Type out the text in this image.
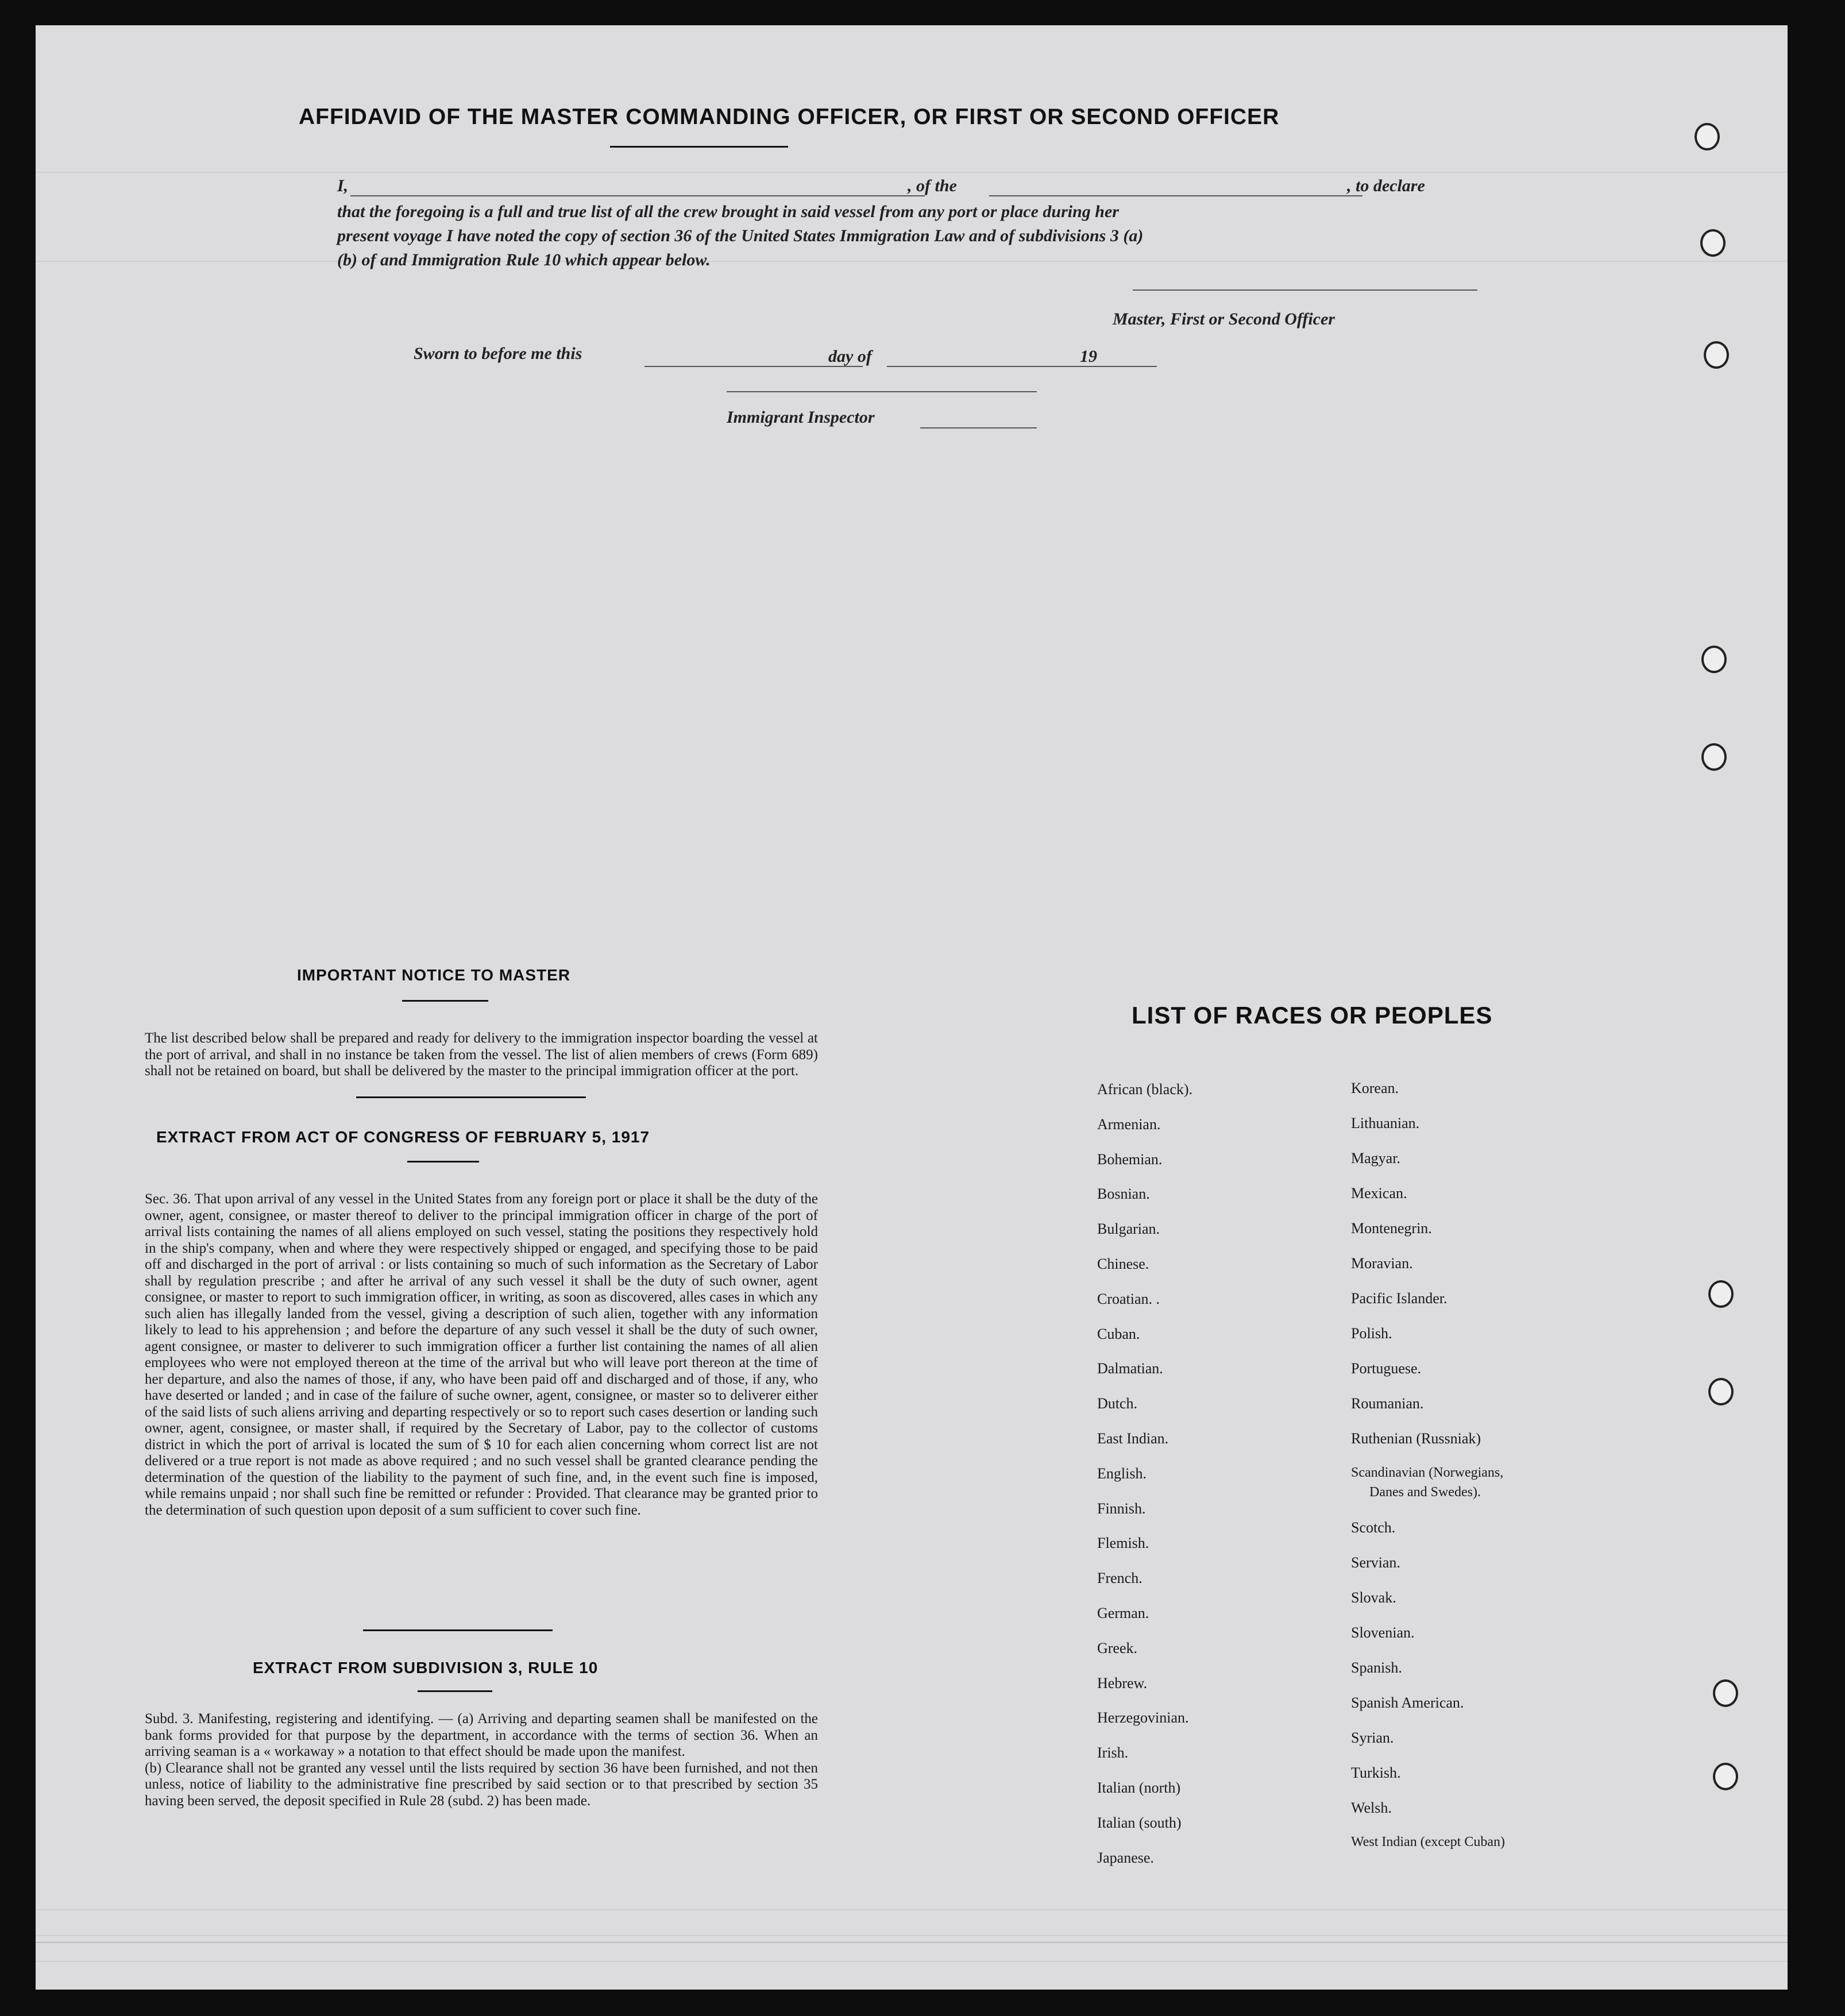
AFFIDAVID OF THE MASTER COMMANDING OFFICER, OR FIRST OR SECOND OFFICER
I,	, of the	, to declare
that the foregoing is a full and true list of all the crew brought in said vessel from any port or place during her
present voyage I have noted the copy of section 36 of the United States Immigration Law and of subdivisions 3 (a)
(b) of and Immigration Rule 10 which appear below.
Master, First or Second Officer
Sworn to before me this	day of	19
Immigrant Inspector
IMPORTANT NOTICE TO MASTER
The list described below shall be prepared and ready for delivery to the immigration inspector boarding the vessel at the port of arrival, and shall in no instance be taken from the vessel. The list of alien members of crews (Form 689) shall not be retained on board, but shall be delivered by the master to the principal immigration officer at the port.
EXTRACT FROM ACT OF CONGRESS OF FEBRUARY 5, 1917
Sec. 36. That upon arrival of any vessel in the United States from any foreign port or place it shall be the duty of the owner, agent, consignee, or master thereof to deliver to the principal immigration officer in charge of the port of arrival lists containing the names of all aliens employed on such vessel, stating the positions they respectively hold in the ship's company, when and where they were respectively shipped or engaged, and specifying those to be paid off and discharged in the port of arrival : or lists containing so much of such information as the Secretary of Labor shall by regulation prescribe ; and after he arrival of any such vessel it shall be the duty of such owner, agent consignee, or master to report to such immigration officer, in writing, as soon as discovered, alles cases in which any such alien has illegally landed from the vessel, giving a description of such alien, together with any information likely to lead to his apprehension ; and before the departure of any such vessel it shall be the duty of such owner, agent consignee, or master to deliverer to such immigration officer a further list containing the names of all alien employees who were not employed thereon at the time of the arrival but who will leave port thereon at the time of her departure, and also the names of those, if any, who have been paid off and discharged and of those, if any, who have deserted or landed ; and in case of the failure of suche owner, agent, consignee, or master so to deliverer either of the said lists of such aliens arriving and departing respectively or so to report such cases desertion or landing such owner, agent, consignee, or master shall, if required by the Secretary of Labor, pay to the collector of customs district in which the port of arrival is located the sum of $ 10 for each alien concerning whom correct list are not delivered or a true report is not made as above required ; and no such vessel shall be granted clearance pending the determination of the question of the liability to the payment of such fine, and, in the event such fine is imposed, while remains unpaid ; nor shall such fine be remitted or refunder : Provided. That clearance may be granted prior to the determination of such question upon deposit of a sum sufficient to cover such fine.
EXTRACT FROM SUBDIVISION 3, RULE 10

Subd. 3. Manifesting, registering and identifying. — (a) Arriving and departing seamen shall be manifested on the bank forms provided for that purpose by the department, in accordance with the terms of section 36. When an arriving seaman is a « workaway » a notation to that effect should be made upon the manifest.

(b) Clearance shall not be granted any vessel until the lists required by section 36 have been furnished, and not then unless, notice of liability to the administrative fine prescribed by said section or to that prescribed by section 35 having been served, the deposit specified in Rule 28 (subd. 2) has been made.

LIST OF RACES OR PEOPLES
African (black).
Armenian.
Bohemian.
Bosnian.
Bulgarian.
Chinese.
Croatian. .
Cuban.
Dalmatian.
Dutch.
East Indian.
English.
Finnish.
Flemish.
French.
German.
Greek.
Hebrew.
Herzegovinian.
Irish.
Italian (north)
Italian (south)
Japanese.
Korean.
Lithuanian.
Magyar.
Mexican.
Montenegrin.
Moravian.
Pacific Islander.
Polish.
Portuguese.
Roumanian.
Ruthenian (Russniak)
Scandinavian (Norwegians,
Danes and Swedes).
Scotch.
Servian.
Slovak.
Slovenian.
Spanish.
Spanish American.
Syrian.
Turkish.
Welsh.
West Indian (except Cuban)
